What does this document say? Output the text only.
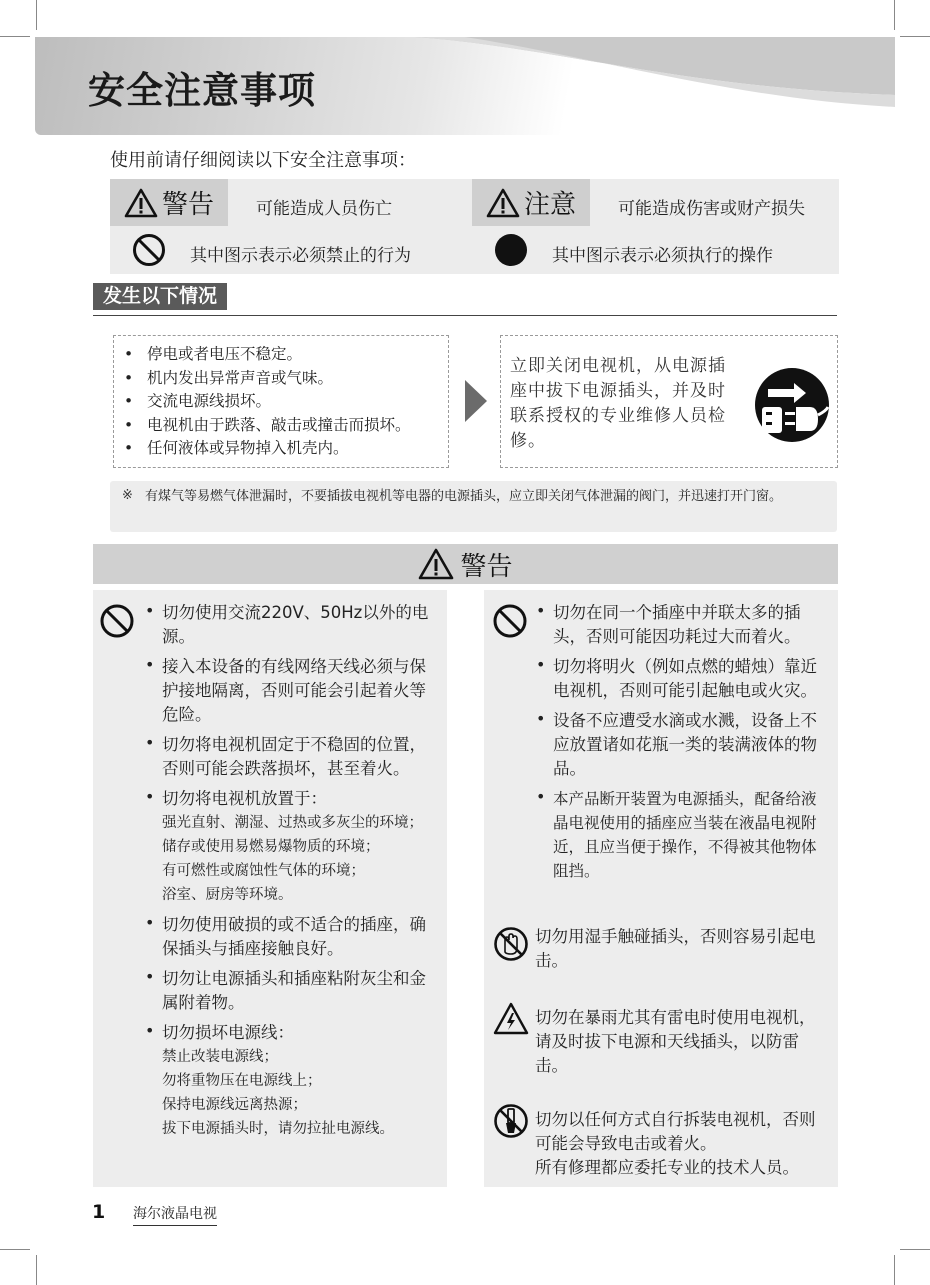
安全注意事项
使用前请仔细阅读以下安全注意事项：
警告 可能造成人员伤亡
其中图示表示必须禁止的行为
注意 可能造成伤害或财产损失
其中图示表示必须执行的操作
发生以下情况
• 停电或者电压不稳定。
• 机内发出异常声音或气味。
• 交流电源线损坏。
• 电视机由于跌落、敲击或撞击而损坏。
• 任何液体或异物掉入机壳内。
立即关闭电视机，从电源插座中拔下电源插头，并及时联系授权的专业维修人员检修。
※ 有煤气等易燃气体泄漏时，不要插拔电视机等电器的电源插头，应立即关闭气体泄漏的阀门，并迅速打开门窗。
警告
• 切勿使用交流220V、50Hz以外的电源。
• 接入本设备的有线网络天线必须与保护接地隔离，否则可能会引起着火等危险。
• 切勿将电视机固定于不稳固的位置，否则可能会跌落损坏，甚至着火。
• 切勿将电视机放置于：
强光直射、潮湿、过热或多灰尘的环境；
储存或使用易燃易爆物质的环境；
有可燃性或腐蚀性气体的环境；
浴室、厨房等环境。
• 切勿使用破损的或不适合的插座，确保插头与插座接触良好。
• 切勿让电源插头和插座粘附灰尘和金属附着物。
• 切勿损坏电源线：
禁止改装电源线；
勿将重物压在电源线上；
保持电源线远离热源；
拔下电源插头时，请勿拉扯电源线。
• 切勿在同一个插座中并联太多的插头，否则可能因功耗过大而着火。
• 切勿将明火（例如点燃的蜡烛）靠近电视机，否则可能引起触电或火灾。
• 设备不应遭受水滴或水溅，设备上不应放置诸如花瓶一类的装满液体的物品。
• 本产品断开装置为电源插头，配备给液晶电视使用的插座应当装在液晶电视附近，且应当便于操作，不得被其他物体阻挡。
切勿用湿手触碰插头，否则容易引起电击。
切勿在暴雨尤其有雷电时使用电视机，请及时拔下电源和天线插头，以防雷击。
切勿以任何方式自行拆装电视机，否则可能会导致电击或着火。
所有修理都应委托专业的技术人员。
1 海尔液晶电视
